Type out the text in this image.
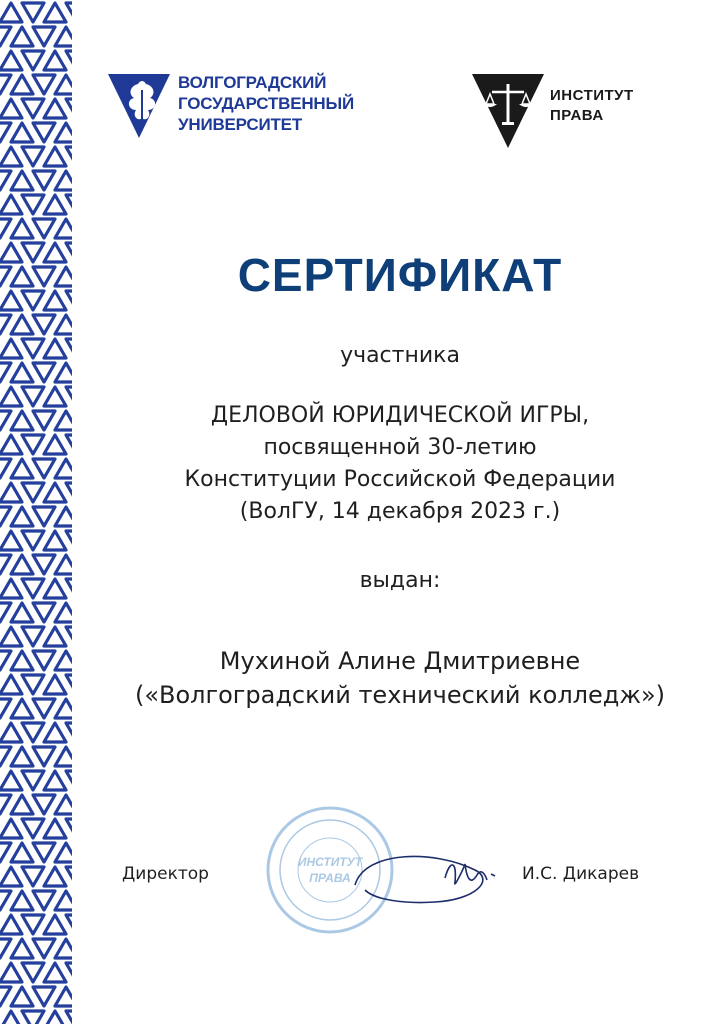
ВОЛГОГРАДСКИЙ
ГОСУДАРСТВЕННЫЙ
УНИВЕРСИТЕТ
ИНСТИТУТ
ПРАВА
СЕРТИФИКАТ
участника
ДЕЛОВОЙ ЮРИДИЧЕСКОЙ ИГРЫ,
посвященной 30-летию
Конституции Российской Федерации
(ВолГУ, 14 декабря 2023 г.)
выдан:
Мухиной Алине Дмитриевне
(«Волгоградский технический колледж»)
Директор
ИНСТИТУТ
ПРАВА	И.С. Дикарев
